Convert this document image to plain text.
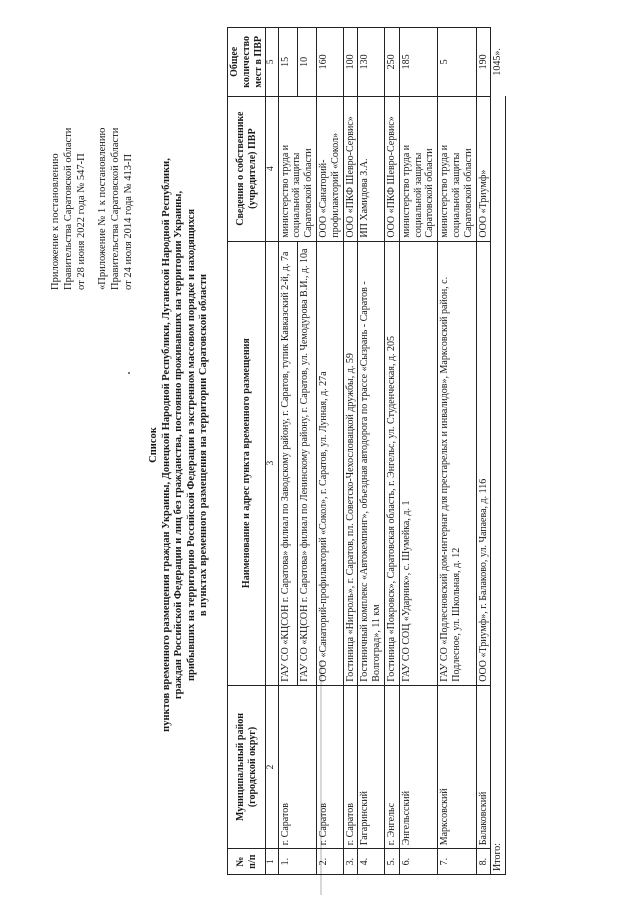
Приложение к постановлению Правительства Саратовской области от 28 июня 2022 года № 547-П «Приложение № 1 к постановлению Правительства Саратовской области от 24 июля 2014 года № 413-П

Список пунктов временного размещения граждан Украины, Донецкой Народной Республики, Луганской Народной Республики, граждан Российской Федерации и лиц без гражданства, постоянно проживавших на территории Украины, прибывших на территорию Российской Федерации в экстренном массовом порядке и находящихся в пунктах временного размещения на территории Саратовской области
№ п/п	Муниципальный район (городской округ)	Наименование и адрес пункта временного размещения	Сведения о собственнике (учредителе) ПВР	Общее количество мест в ПВР
1	2	3	4	5
1.	г. Саратов	ГАУ СО «КЦСОН г. Саратова» филиал по Заводскому району, г. Саратов, тупик Кавказский 2-й, д. 7а	министерство труда и социальной защиты Саратовской области	15
		ГАУ СО «КЦСОН г. Саратова» филиал по Ленинскому району, г. Саратов, ул. Чемодурова В.И., д. 10а		10
2.	г. Саратов	ООО «Санаторий-профилакторий «Сокол», г. Саратов, ул. Лунная, д. 27а	ООО «Санаторий-профилакторий «Сокол»	160
3.	г. Саратов	Гостиница «Нигроль», г. Саратов, пл. Советско-Чехословацкой дружбы, д. 59	ООО «ПКФ Шевро-Сервис»	100
4.	Гагаринский	Гостиничный комплекс «Автокемпинг», объездная автодорога по трассе «Сызрань - Саратов - Волгоград», 11 км	ИП Хамидова З.А.	130
5.	г. Энгельс	Гостиница «Покровск», Саратовская область, г. Энгельс, ул. Студенческая, д. 205	ООО «ПКФ Шевро-Сервис»	250
6.	Энгельсский	ГАУ СО СОЦ «Ударник», с. Шумейка, д. 1	министерство труда и социальной защиты Саратовской области	185
7.	Марксовский	ГАУ СО «Подлесновский дом-интернат для престарелых и инвалидов», Марксовский район, с. Подлесное, ул. Школьная, д. 12	министерство труда и социальной защиты Саратовской области	5
8.	Балаковский	ООО «Триумф», г. Балаково, ул. Чапаева, д. 116	ООО «Триумф»	190
Итого:				1045».
